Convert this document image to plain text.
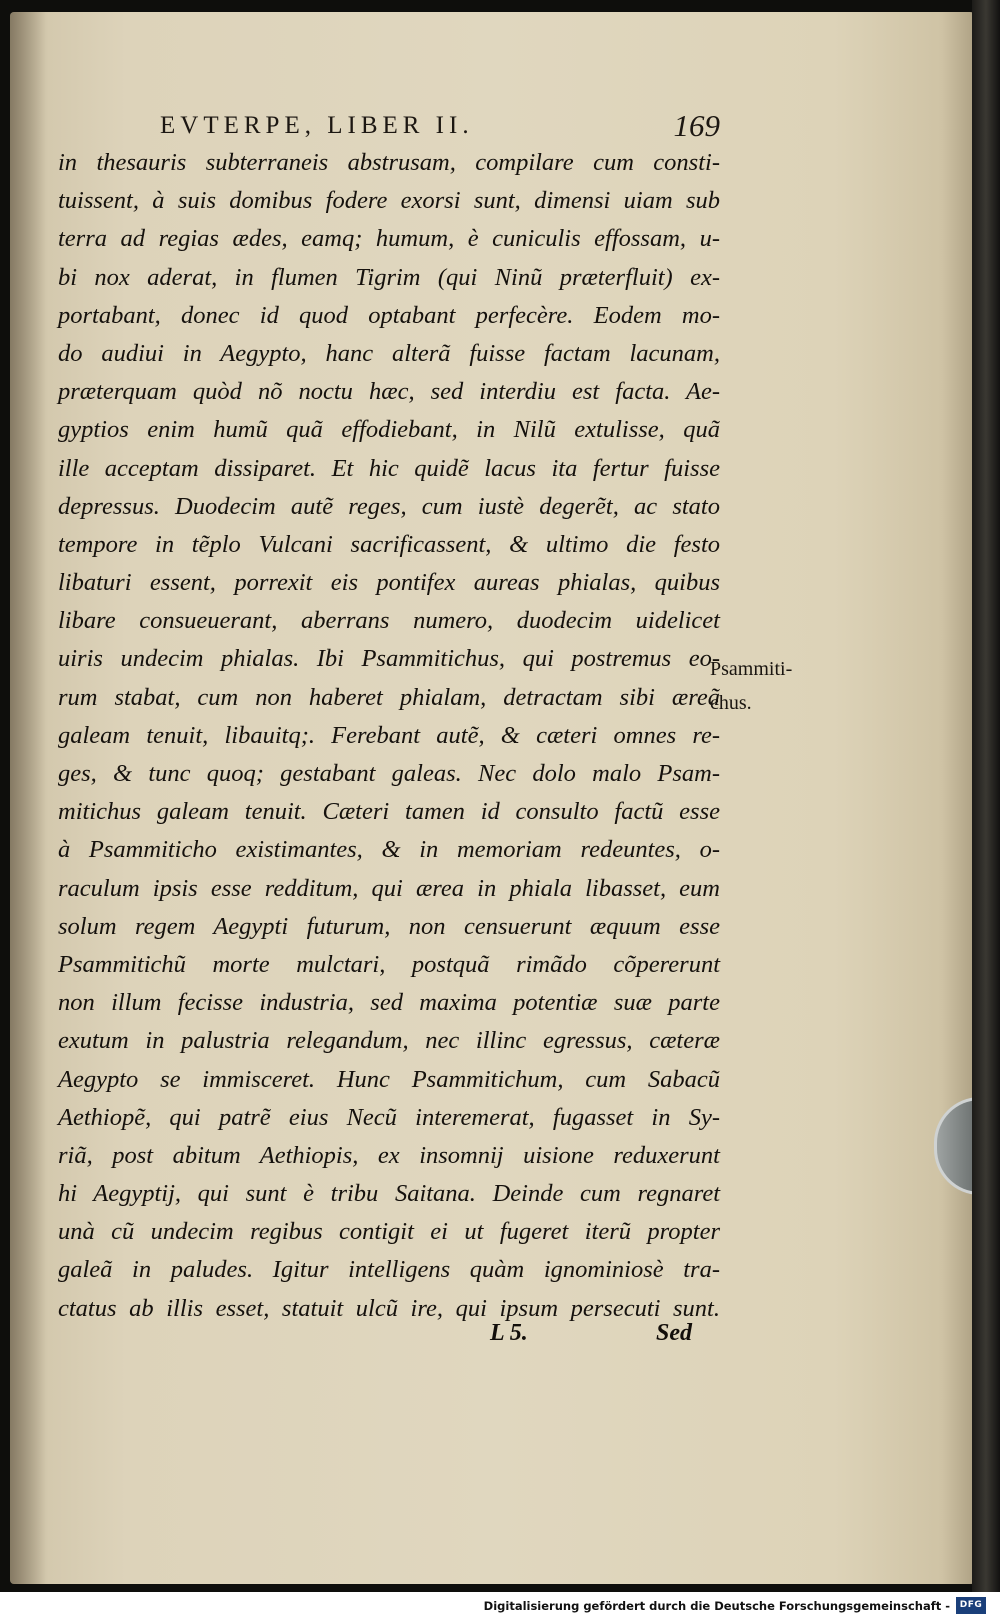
EVTERPE, LIBER II.	169
in thesauris subterraneis abstrusam, compilare cum consti-
tuissent, à suis domibus fodere exorsi sunt, dimensi uiam sub
terra ad regias ædes, eamq; humum, è cuniculis effossam, u-
bi nox aderat, in flumen Tigrim (qui Ninũ præterfluit) ex-
portabant, donec id quod optabant perfecère. Eodem mo-
do audiui in Aegypto, hanc alterã fuisse factam lacunam,
præterquam quòd nõ noctu hæc, sed interdiu est facta. Ae-
gyptios enim humũ quã effodiebant, in Nilũ extulisse, quã
ille acceptam dissiparet. Et hic quidẽ lacus ita fertur fuisse
depressus. Duodecim autẽ reges, cum iustè degerẽt, ac stato
tempore in tẽplo Vulcani sacrificassent, & ultimo die festo
libaturi essent, porrexit eis pontifex aureas phialas, quibus
libare consueuerant, aberrans numero, duodecim uidelicet
uiris undecim phialas. Ibi Psammitichus, qui postremus eo-
rum stabat, cum non haberet phialam, detractam sibi æreã
galeam tenuit, libauitq;. Ferebant autẽ, & cæteri omnes re-
ges, & tunc quoq; gestabant galeas. Nec dolo malo Psam-
mitichus galeam tenuit. Cæteri tamen id consulto factũ esse
à Psammiticho existimantes, & in memoriam redeuntes, o-
raculum ipsis esse redditum, qui ærea in phiala libasset, eum
solum regem Aegypti futurum, non censuerunt æquum esse
Psammitichũ morte mulctari, postquã rimãdo cõpererunt
non illum fecisse industria, sed maxima potentiæ suæ parte
exutum in palustria relegandum, nec illinc egressus, cæteræ
Aegypto se immisceret. Hunc Psammitichum, cum Sabacũ
Aethiopẽ, qui patrẽ eius Necũ interemerat, fugasset in Sy-
riã, post abitum Aethiopis, ex insomnij uisione reduxerunt
hi Aegyptij, qui sunt è tribu Saitana. Deinde cum regnaret
unà cũ undecim regibus contigit ei ut fugeret iterũ propter
galeã in paludes. Igitur intelligens quàm ignominiosè tra-
ctatus ab illis esset, statuit ulcũ ire, qui ipsum persecuti sunt.
Psammiti-
chus.
L 5.	Sed
Digitalisierung gefördert durch die Deutsche Forschungsgemeinschaft -	DFG
